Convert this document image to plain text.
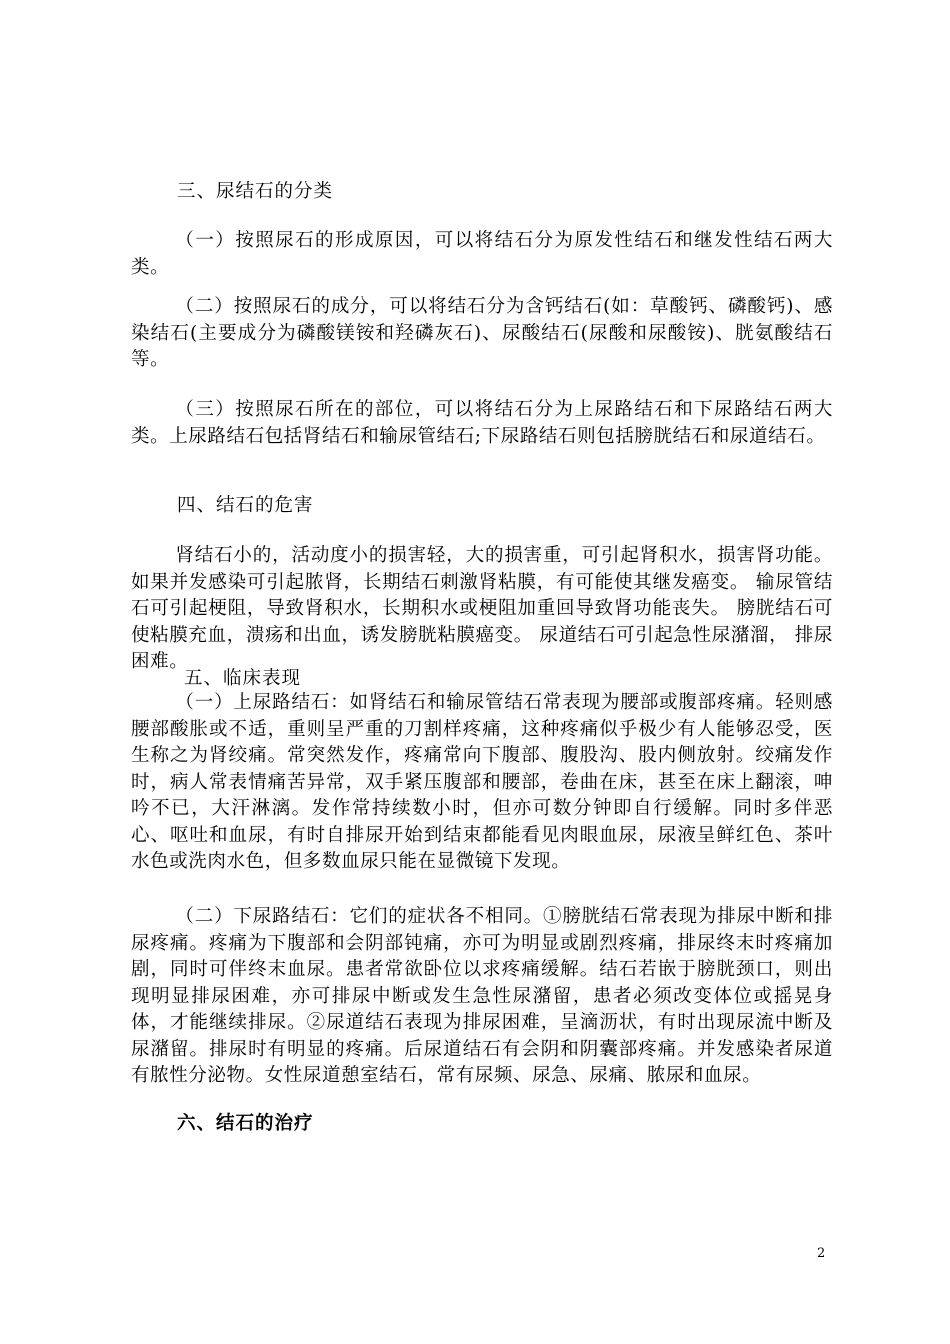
三、尿结石的分类

（一）按照尿石的形成原因，可以将结石分为原发性结石和继发性结石两大类。

（二）按照尿石的成分，可以将结石分为含钙结石(如：草酸钙、磷酸钙)、感染结石(主要成分为磷酸镁铵和羟磷灰石)、尿酸结石(尿酸和尿酸铵)、胱氨酸结石等。

（三）按照尿石所在的部位，可以将结石分为上尿路结石和下尿路结石两大类。上尿路结石包括肾结石和输尿管结石;下尿路结石则包括膀胱结石和尿道结石。

四、结石的危害

肾结石小的，活动度小的损害轻，大的损害重，可引起肾积水，损害肾功能。 如果并发感染可引起脓肾，长期结石刺激肾粘膜，有可能使其继发癌变。 输尿管结石可引起梗阻，导致肾积水，长期积水或梗阻加重回导致肾功能丧失。 膀胱结石可使粘膜充血，溃疡和出血，诱发膀胱粘膜癌变。 尿道结石可引起急性尿潴溜， 排尿困难。

五、临床表现

（一）上尿路结石：如肾结石和输尿管结石常表现为腰部或腹部疼痛。轻则感腰部酸胀或不适，重则呈严重的刀割样疼痛，这种疼痛似乎极少有人能够忍受，医生称之为肾绞痛。常突然发作，疼痛常向下腹部、腹股沟、股内侧放射。绞痛发作时，病人常表情痛苦异常，双手紧压腹部和腰部，卷曲在床，甚至在床上翻滚，呻吟不已，大汗淋漓。发作常持续数小时，但亦可数分钟即自行缓解。同时多伴恶心、呕吐和血尿，有时自排尿开始到结束都能看见肉眼血尿，尿液呈鲜红色、茶叶水色或洗肉水色，但多数血尿只能在显微镜下发现。

（二）下尿路结石：它们的症状各不相同。①膀胱结石常表现为排尿中断和排尿疼痛。疼痛为下腹部和会阴部钝痛，亦可为明显或剧烈疼痛，排尿终末时疼痛加剧，同时可伴终末血尿。患者常欲卧位以求疼痛缓解。结石若嵌于膀胱颈口，则出现明显排尿困难，亦可排尿中断或发生急性尿潴留，患者必须改变体位或摇晃身体，才能继续排尿。②尿道结石表现为排尿困难，呈滴沥状，有时出现尿流中断及尿潴留。排尿时有明显的疼痛。后尿道结石有会阴和阴囊部疼痛。并发感染者尿道有脓性分泌物。女性尿道憩室结石，常有尿频、尿急、尿痛、脓尿和血尿。

六、结石的治疗

2
